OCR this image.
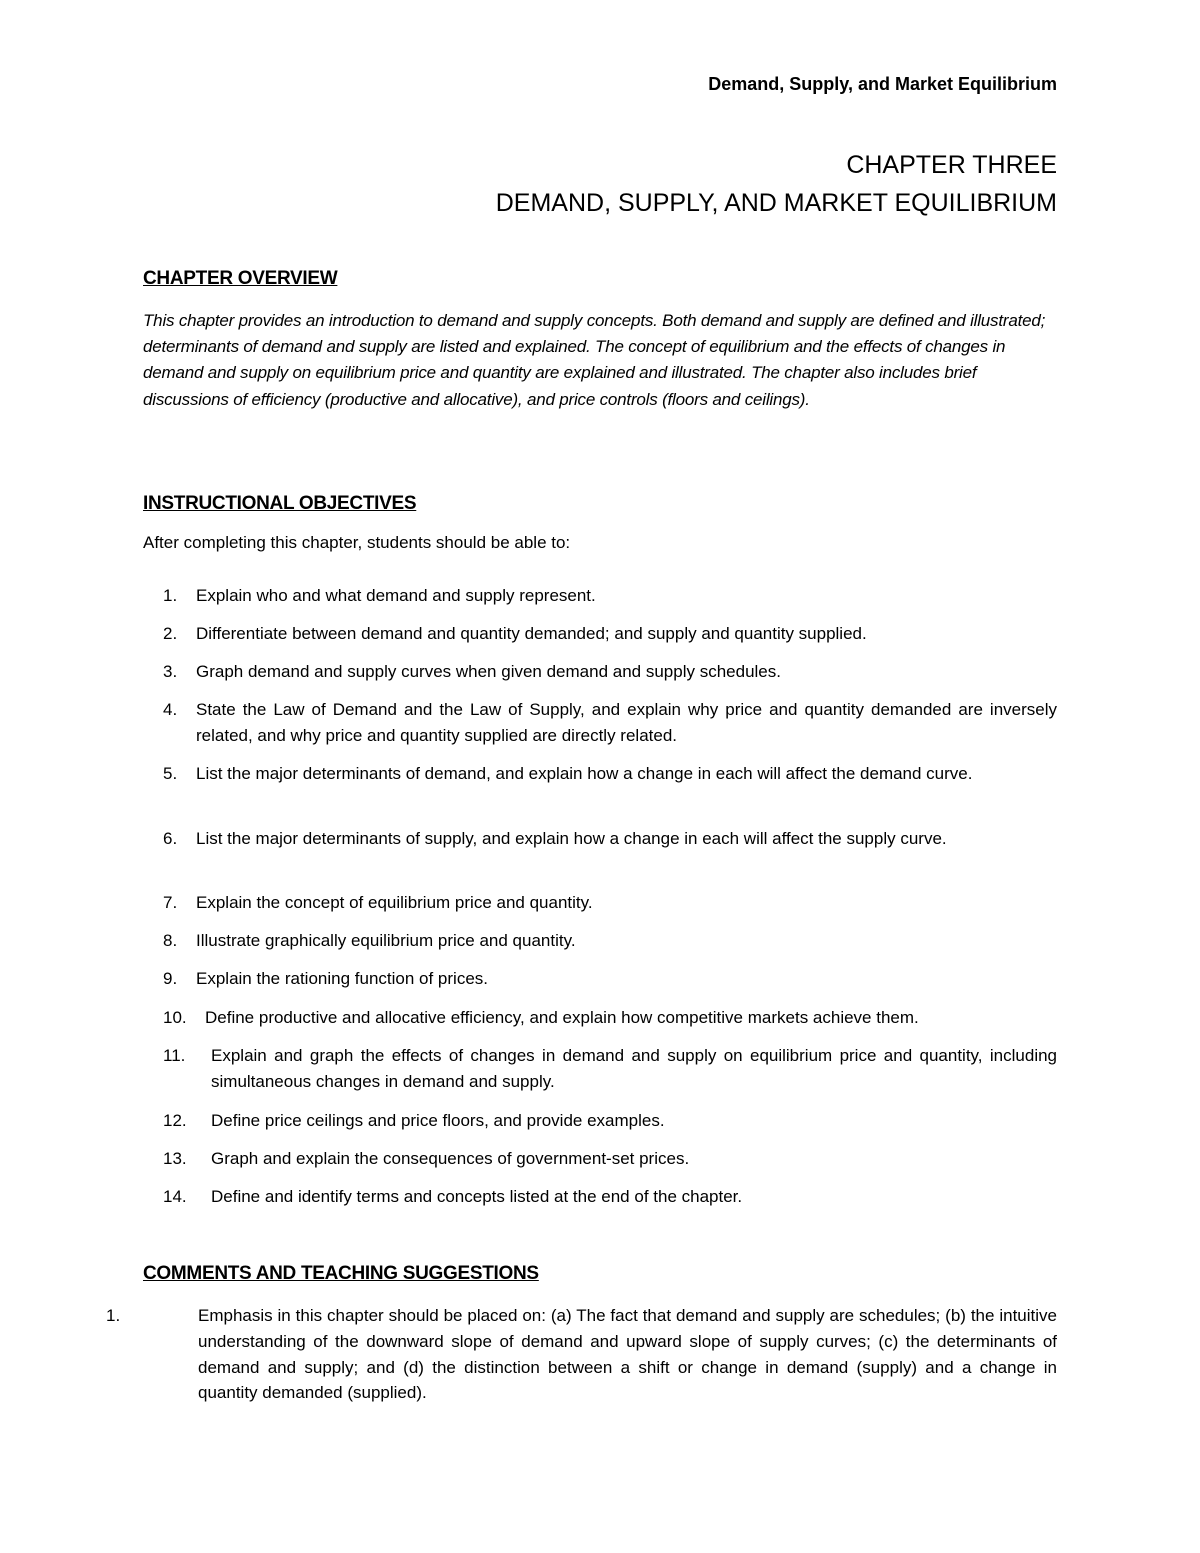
Demand, Supply, and Market Equilibrium
CHAPTER THREE
DEMAND, SUPPLY, AND MARKET EQUILIBRIUM
CHAPTER OVERVIEW
This chapter provides an introduction to demand and supply concepts. Both demand and supply are defined and illustrated; determinants of demand and supply are listed and explained. The concept of equilibrium and the effects of changes in demand and supply on equilibrium price and quantity are explained and illustrated. The chapter also includes brief discussions of efficiency (productive and allocative), and price controls (floors and ceilings).
INSTRUCTIONAL OBJECTIVES
After completing this chapter, students should be able to:
1. Explain who and what demand and supply represent.
2. Differentiate between demand and quantity demanded; and supply and quantity supplied.
3. Graph demand and supply curves when given demand and supply schedules.
4. State the Law of Demand and the Law of Supply, and explain why price and quantity demanded are inversely related, and why price and quantity supplied are directly related.
5. List the major determinants of demand, and explain how a change in each will affect the demand curve.
6. List the major determinants of supply, and explain how a change in each will affect the supply curve.
7. Explain the concept of equilibrium price and quantity.
8. Illustrate graphically equilibrium price and quantity.
9. Explain the rationing function of prices.
10. Define productive and allocative efficiency, and explain how competitive markets achieve them.
11. Explain and graph the effects of changes in demand and supply on equilibrium price and quantity, including simultaneous changes in demand and supply.
12. Define price ceilings and price floors, and provide examples.
13. Graph and explain the consequences of government-set prices.
14. Define and identify terms and concepts listed at the end of the chapter.
COMMENTS AND TEACHING SUGGESTIONS
1.	Emphasis in this chapter should be placed on: (a) The fact that demand and supply are schedules; (b) the intuitive understanding of the downward slope of demand and upward slope of supply curves; (c) the determinants of demand and supply; and (d) the distinction between a shift or change in demand (supply) and a change in quantity demanded (supplied).
